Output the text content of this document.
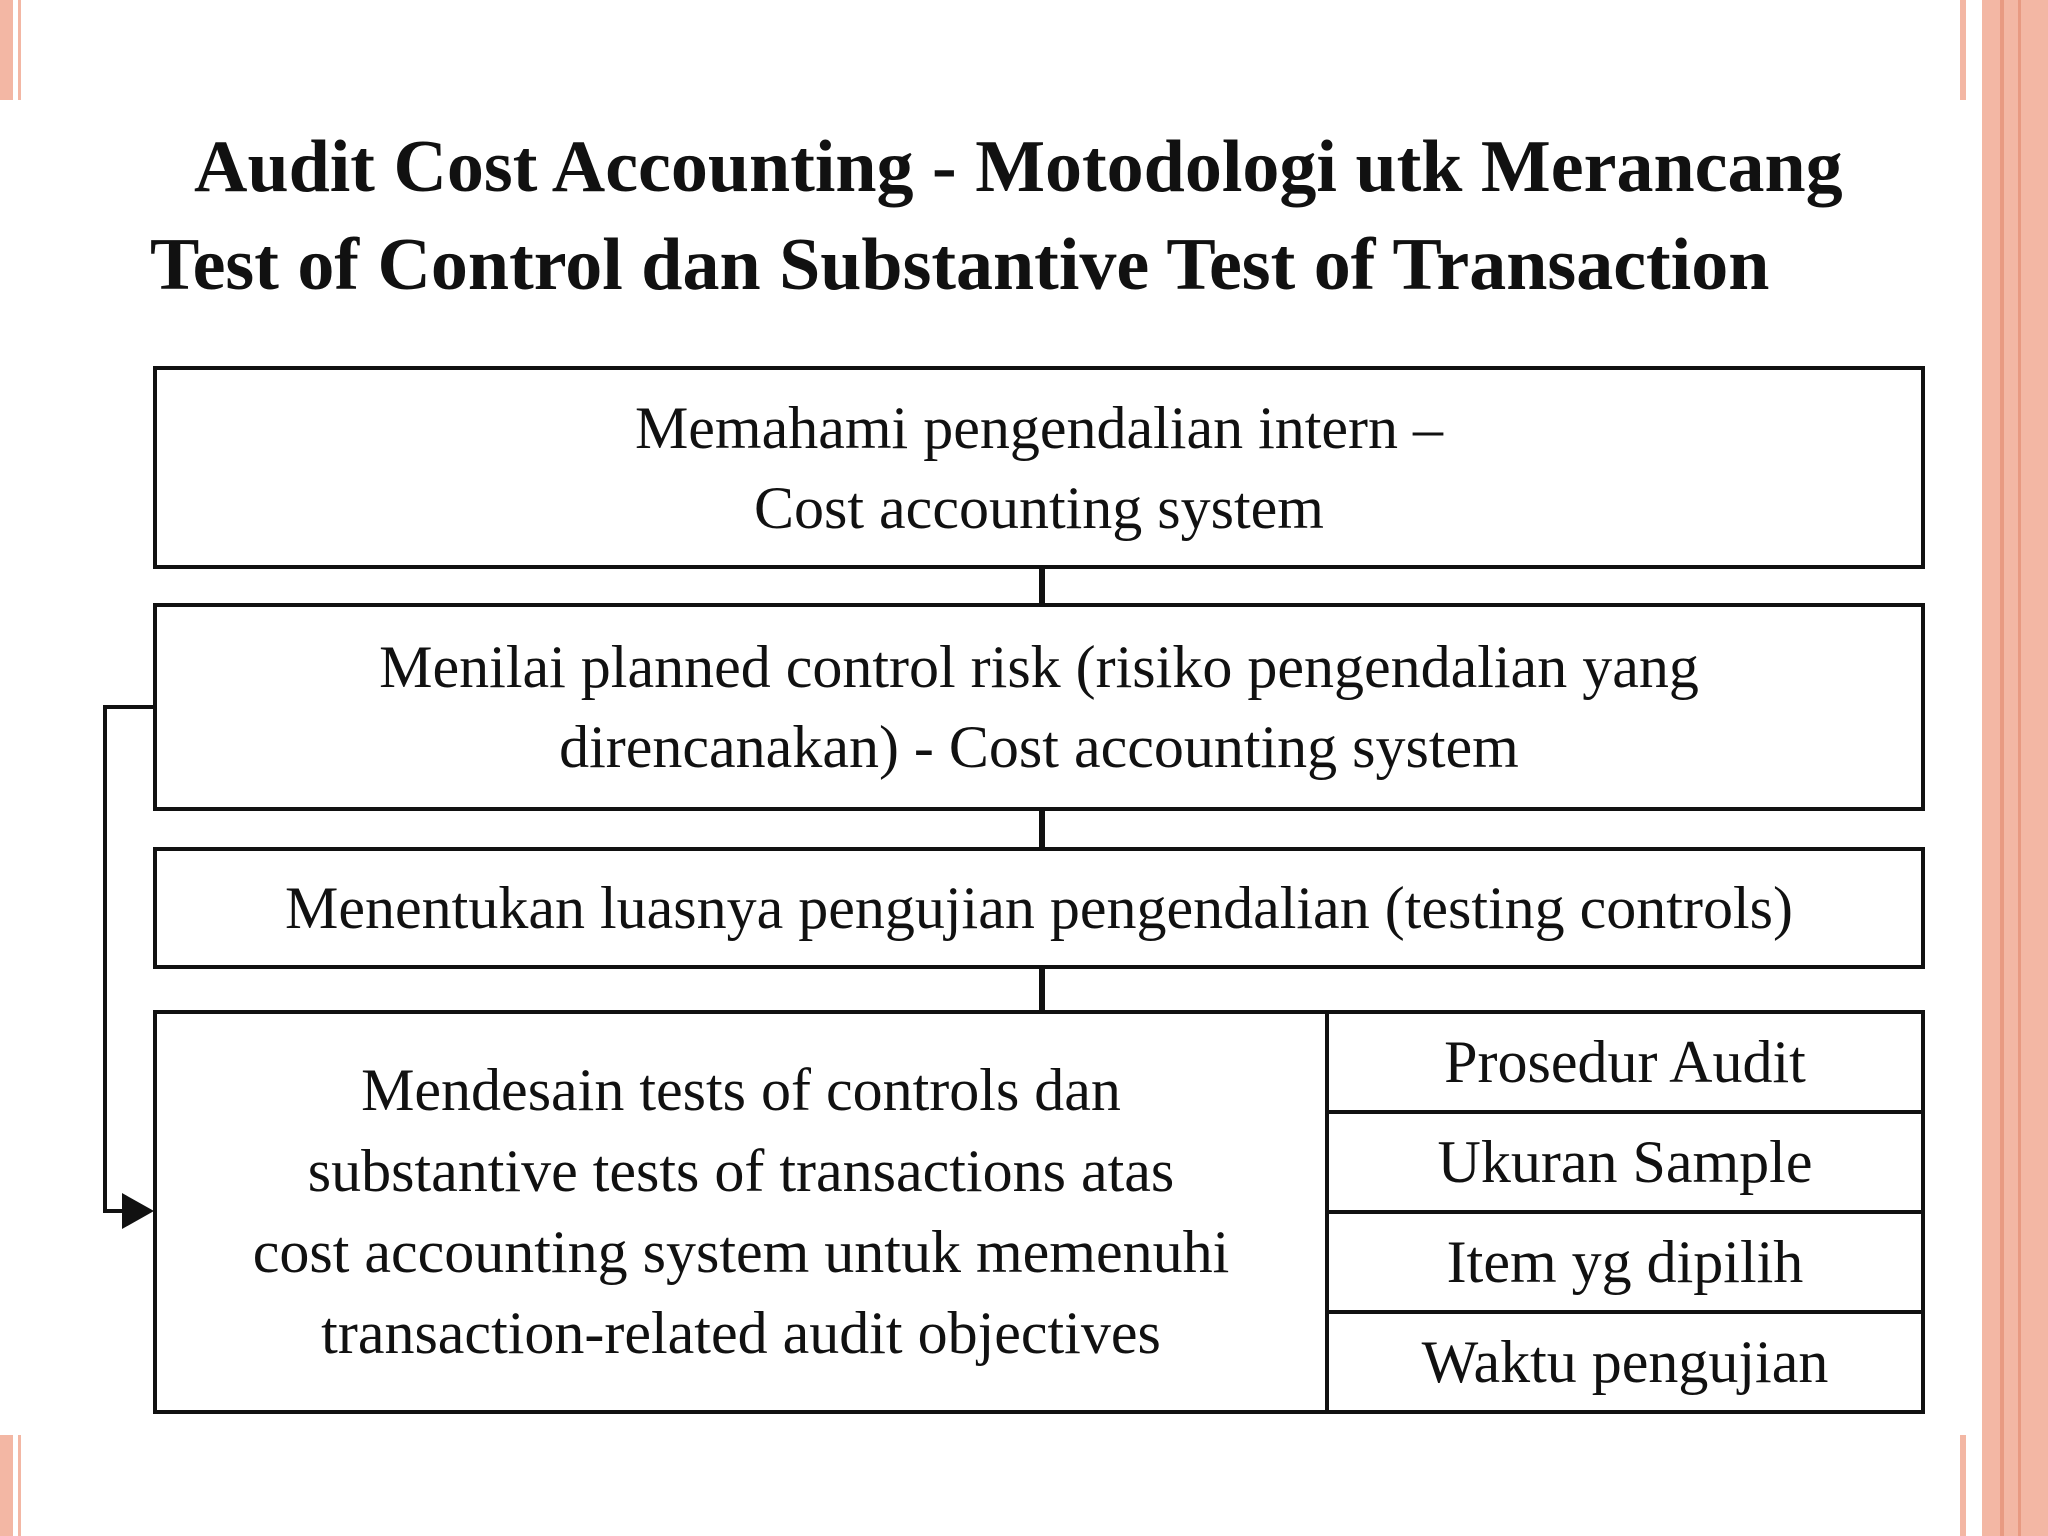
Audit Cost Accounting - Motodologi utk Merancang
Test of Control dan Substantive Test of Transaction
Memahami pengendalian intern –
Cost accounting system
Menilai planned control risk (risiko pengendalian yang
direncanakan) - Cost accounting system
Menentukan luasnya pengujian pengendalian (testing controls)
Mendesain tests of controls dan
substantive tests of transactions atas
cost accounting system untuk memenuhi
transaction-related audit objectives
Prosedur Audit
Ukuran Sample
Item yg dipilih
Waktu pengujian
